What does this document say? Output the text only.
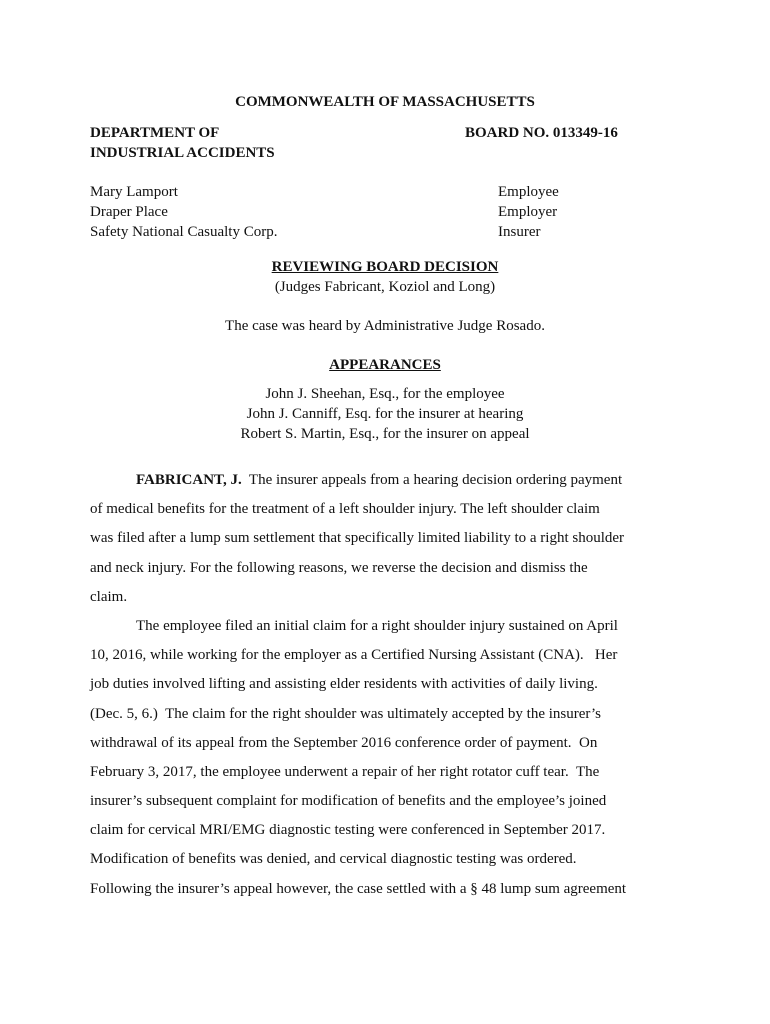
COMMONWEALTH OF MASSACHUSETTS
DEPARTMENT OF
INDUSTRIAL ACCIDENTS
BOARD NO. 013349-16
Mary Lamport
Draper Place
Safety National Casualty Corp.
Employee
Employer
Insurer
REVIEWING BOARD DECISION
(Judges Fabricant, Koziol and Long)
The case was heard by Administrative Judge Rosado.
APPEARANCES
John J. Sheehan, Esq., for the employee
John J. Canniff, Esq. for the insurer at hearing
Robert S. Martin, Esq., for the insurer on appeal
FABRICANT, J.  The insurer appeals from a hearing decision ordering payment
of medical benefits for the treatment of a left shoulder injury. The left shoulder claim
was filed after a lump sum settlement that specifically limited liability to a right shoulder
and neck injury. For the following reasons, we reverse the decision and dismiss the
claim.
The employee filed an initial claim for a right shoulder injury sustained on April
10, 2016, while working for the employer as a Certified Nursing Assistant (CNA).   Her
job duties involved lifting and assisting elder residents with activities of daily living.
(Dec. 5, 6.)  The claim for the right shoulder was ultimately accepted by the insurer’s
withdrawal of its appeal from the September 2016 conference order of payment.  On
February 3, 2017, the employee underwent a repair of her right rotator cuff tear.  The
insurer’s subsequent complaint for modification of benefits and the employee’s joined
claim for cervical MRI/EMG diagnostic testing were conferenced in September 2017.
Modification of benefits was denied, and cervical diagnostic testing was ordered.
Following the insurer’s appeal however, the case settled with a § 48 lump sum agreement
